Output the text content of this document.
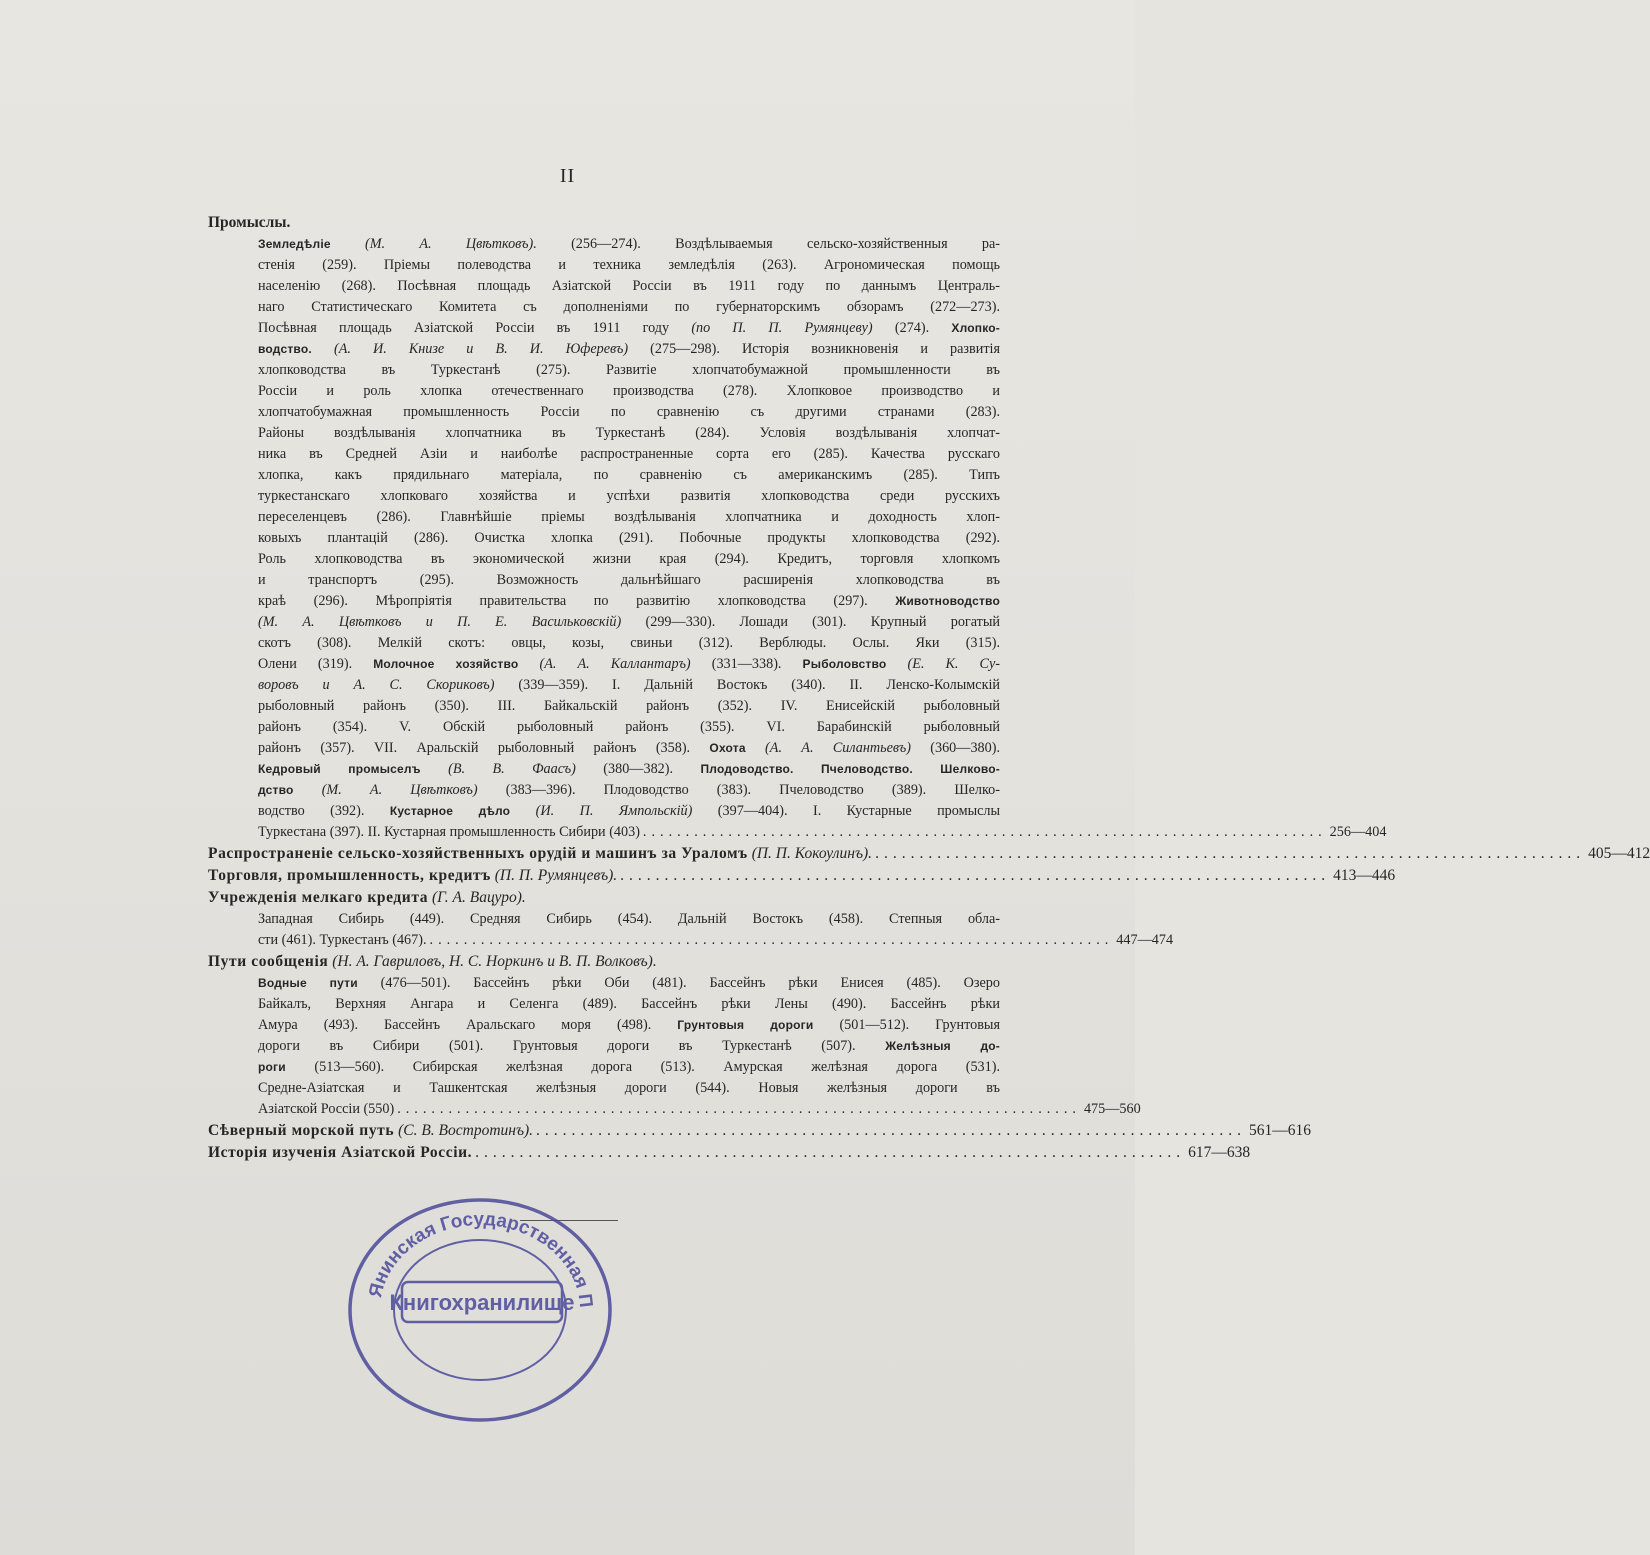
II
Промыслы.
Земледѣліе (М. А. Цвѣтковъ). (256—274). Воздѣлываемыя сельско-хозяйственныя ра-
стенія (259). Пріемы полеводства и техника земледѣлія (263). Агрономическая помощь
населенію (268). Посѣвная площадь Азіатской Россіи въ 1911 году по даннымъ Централь-
наго Статистическаго Комитета съ дополненіями по губернаторскимъ обзорамъ (272—273).
Посѣвная площадь Азіатской Россіи въ 1911 году (по П. П. Румянцеву) (274). Хлопко-
водство. (А. И. Книзе и В. И. Юферевъ) (275—298). Исторія возникновенія и развитія
хлопководства въ Туркестанѣ (275). Развитіе хлопчатобумажной промышленности въ
Россіи и роль хлопка отечественнаго производства (278). Хлопковое производство и
хлопчатобумажная промышленность Россіи по сравненію съ другими странами (283).
Районы воздѣлыванія хлопчатника въ Туркестанѣ (284). Условія воздѣлыванія хлопчат-
ника въ Средней Азіи и наиболѣе распространенные сорта его (285). Качества русскаго
хлопка, какъ прядильнаго матеріала, по сравненію съ американскимъ (285). Типъ
туркестанскаго хлопковаго хозяйства и успѣхи развитія хлопководства среди русскихъ
переселенцевъ (286). Главнѣйшіе пріемы воздѣлыванія хлопчатника и доходность хлоп-
ковыхъ плантацій (286). Очистка хлопка (291). Побочные продукты хлопководства (292).
Роль хлопководства въ экономической жизни края (294). Кредитъ, торговля хлопкомъ
и транспортъ (295). Возможность дальнѣйшаго расширенія хлопководства въ
краѣ (296). Мѣропріятія правительства по развитію хлопководства (297). Животноводство
(М. А. Цвѣтковъ и П. Е. Васильковскій) (299—330). Лошади (301). Крупный рогатый
скотъ (308). Мелкій скотъ: овцы, козы, свиньи (312). Верблюды. Ослы. Яки (315).
Олени (319). Молочное хозяйство (А. А. Каллантаръ) (331—338). Рыболовство (Е. К. Су-
воровъ и А. С. Скориковъ) (339—359). I. Дальній Востокъ (340). II. Ленско-Колымскій
рыболовный районъ (350). III. Байкальскій районъ (352). IV. Енисейскій рыболовный
районъ (354). V. Обскій рыболовный районъ (355). VI. Барабинскій рыболовный
районъ (357). VII. Аральскій рыболовный районъ (358). Охота (А. А. Силантьевъ) (360—380).
Кедровый промыселъ (В. В. Фаасъ) (380—382). Плодоводство. Пчеловодство. Шелково-
дство (М. А. Цвѣтковъ) (383—396). Плодоводство (383). Пчеловодство (389). Шелко-
водство (392). Кустарное дѣло (И. П. Ямпольскій) (397—404). I. Кустарные промыслы
Туркестана (397). II. Кустарная промышленность Сибири (403) ................................................................................ 256—404
Распространеніе сельско-хозяйственныхъ орудій и машинъ за Ураломъ (П. П. Кокоулинъ). ................................................................................ 405—412
Торговля, промышленность, кредитъ (П. П. Румянцевъ). ................................................................................ 413—446
Учрежденія мелкаго кредита (Г. А. Вацуро).
Западная Сибирь (449). Средняя Сибирь (454). Дальній Востокъ (458). Степныя обла-
сти (461). Туркестанъ (467). ................................................................................ 447—474
Пути сообщенія (Н. А. Гавриловъ, Н. С. Норкинъ и В. П. Волковъ).
Водные пути (476—501). Бассейнъ рѣки Оби (481). Бассейнъ рѣки Енисея (485). Озеро
Байкалъ, Верхняя Ангара и Селенга (489). Бассейнъ рѣки Лены (490). Бассейнъ рѣки
Амура (493). Бассейнъ Аральскаго моря (498). Грунтовыя дороги (501—512). Грунтовыя
дороги въ Сибири (501). Грунтовыя дороги въ Туркестанѣ (507). Желѣзныя до-
роги (513—560). Сибирская желѣзная дорога (513). Амурская желѣзная дорога (531).
Средне-Азіатская и Ташкентская желѣзныя дороги (544). Новыя желѣзныя дороги въ
Азіатской Россіи (550) ................................................................................ 475—560
Сѣверный морской путь (С. В. Востротинъ). ................................................................................ 561—616
Исторія изученія Азіатской Россіи. ................................................................................ 617—638
Янинская Государственная П
Книгохранилище
